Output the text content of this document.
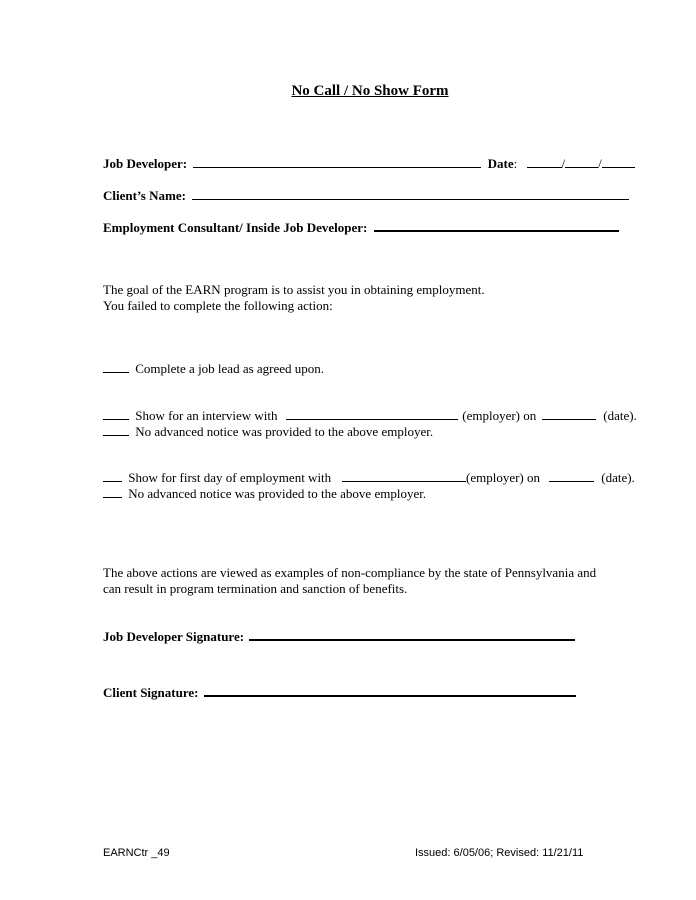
No Call / No Show Form
Job Developer:	Date:	/	/
Client’s Name:
Employment Consultant/ Inside Job Developer:
The goal of the EARN program is to assist you in obtaining employment.
You failed to complete the following action:
Complete a job lead as agreed upon.
Show for an interview with	(employer) on	(date).
No advanced notice was provided to the above employer.
Show for first day of employment with	(employer) on	(date).
No advanced notice was provided to the above employer.
The above actions are viewed as examples of non-compliance by the state of Pennsylvania and
can result in program termination and sanction of benefits.
Job Developer Signature:
Client Signature:
EARNCtr _49	Issued: 6/05/06; Revised: 11/21/11
